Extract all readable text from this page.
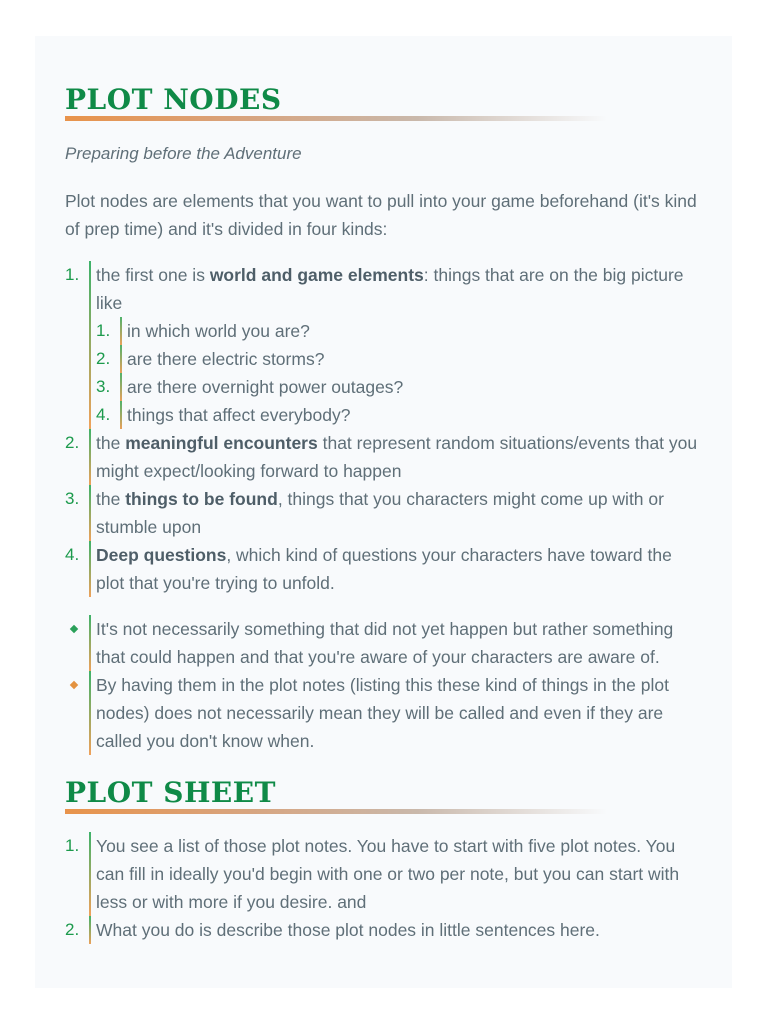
PLOT NODES
Preparing before the Adventure
Plot nodes are elements that you want to pull into your game beforehand (it's kind of prep time) and it's divided in four kinds:
1. the first one is world and game elements: things that are on the big picture like
1. in which world you are?
2. are there electric storms?
3. are there overnight power outages?
4. things that affect everybody?
2. the meaningful encounters that represent random situations/events that you might expect/looking forward to happen
3. the things to be found, things that you characters might come up with or stumble upon
4. Deep questions, which kind of questions your characters have toward the plot that you're trying to unfold.
It's not necessarily something that did not yet happen but rather something that could happen and that you're aware of your characters are aware of.
By having them in the plot notes (listing this these kind of things in the plot nodes) does not necessarily mean they will be called and even if they are called you don't know when.
PLOT SHEET
1. You see a list of those plot notes. You have to start with five plot notes. You can fill in ideally you'd begin with one or two per note, but you can start with less or with more if you desire. and
2. What you do is describe those plot nodes in little sentences here.
